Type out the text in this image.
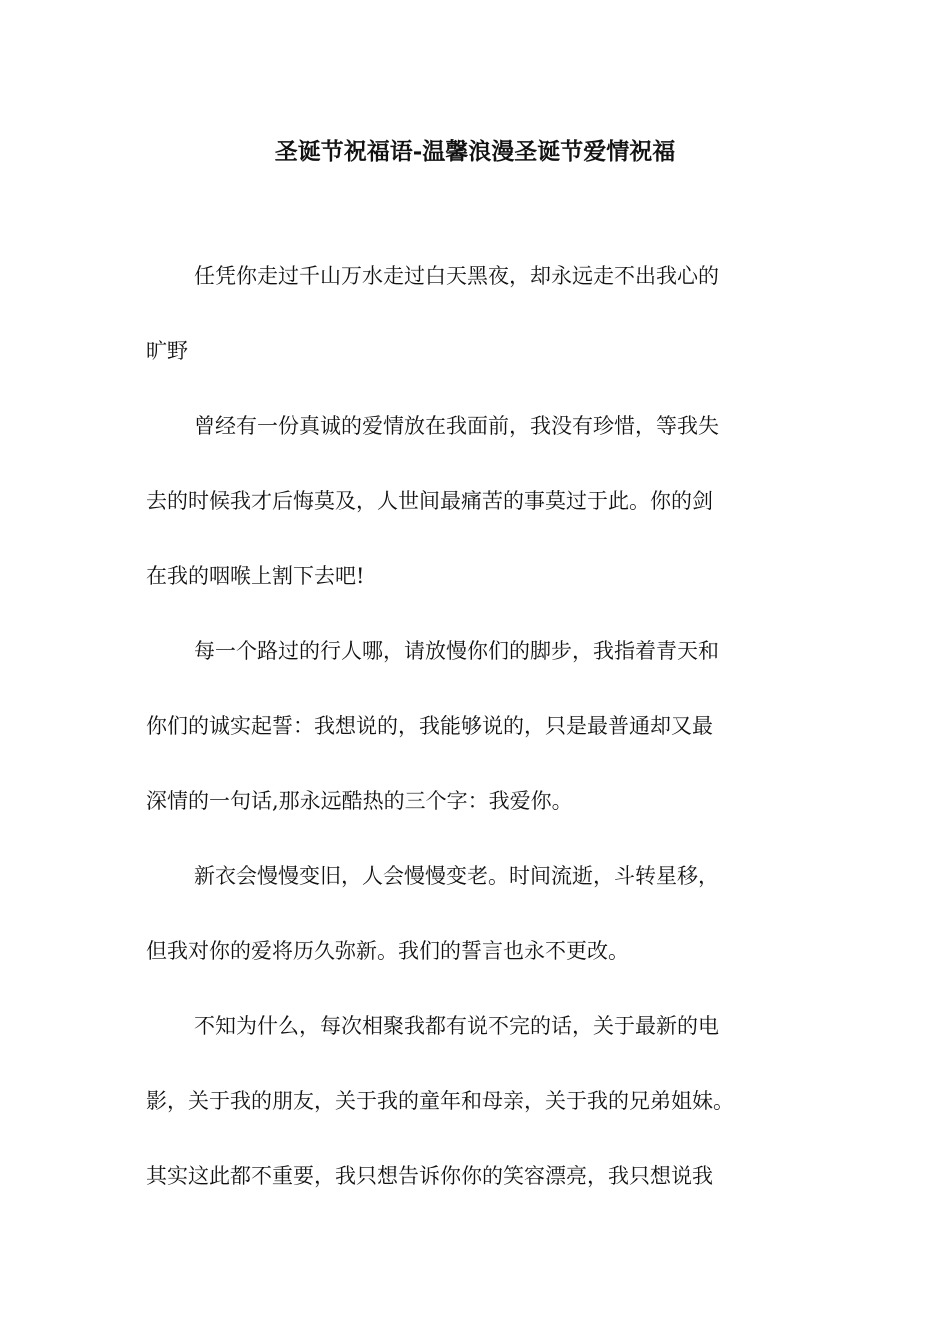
圣诞节祝福语-温馨浪漫圣诞节爱情祝福
任凭你走过千山万水走过白天黑夜，却永远走不出我心的
旷野
曾经有一份真诚的爱情放在我面前，我没有珍惜，等我失
去的时候我才后悔莫及，人世间最痛苦的事莫过于此。你的剑
在我的咽喉上割下去吧!
每一个路过的行人哪，请放慢你们的脚步，我指着青天和
你们的诚实起誓：我想说的，我能够说的，只是最普通却又最
深情的一句话,那永远酷热的三个字：我爱你。
新衣会慢慢变旧，人会慢慢变老。时间流逝，斗转星移，
但我对你的爱将历久弥新。我们的誓言也永不更改。
不知为什么，每次相聚我都有说不完的话，关于最新的电
影，关于我的朋友，关于我的童年和母亲，关于我的兄弟姐妹。
其实这此都不重要，我只想告诉你你的笑容漂亮，我只想说我
